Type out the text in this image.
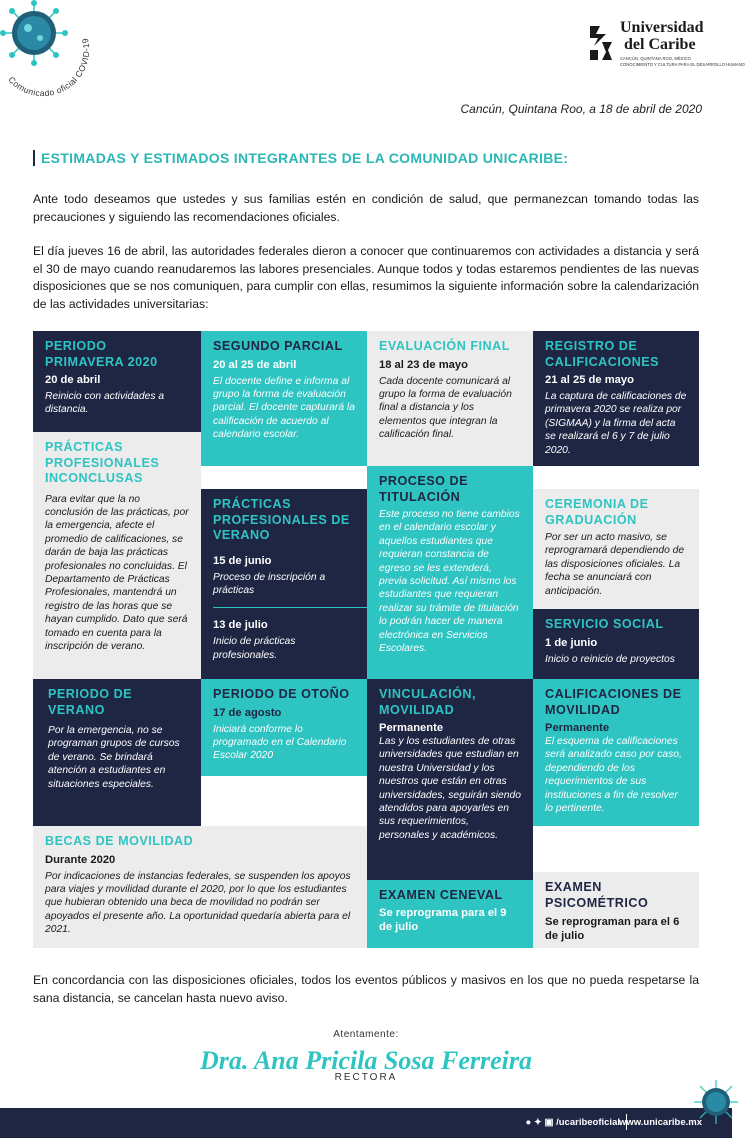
Comunicado oficial COVID-19
Universidad
del Caribe
CANCÚN, QUINTANA ROO, MÉXICO
CONOCIMIENTO Y CULTURA PARA EL DESARROLLO HUMANO
Cancún, Quintana Roo, a 18 de abril de 2020
ESTIMADAS Y ESTIMADOS INTEGRANTES DE LA COMUNIDAD UNICARIBE:
Ante todo deseamos que ustedes y sus familias estén en condición de salud, que permanezcan tomando todas las precauciones y siguiendo las recomendaciones oficiales.
El día jueves 16 de abril, las autoridades federales dieron a conocer que continuaremos con actividades a distancia y será el 30 de mayo cuando reanudaremos las labores presenciales. Aunque todos y todas estaremos pendientes de las nuevas disposiciones que se nos comuniquen, para cumplir con ellas, resumimos la siguiente información sobre la calendarización de las actividades universitarias:
PERIODO PRIMAVERA 2020
20 de abril
Reinicio con actividades a distancia.
SEGUNDO PARCIAL
20 al 25 de abril
El docente define e informa al grupo la forma de evaluación parcial. El docente capturará la calificación de acuerdo al calendario escolar.
EVALUACIÓN FINAL
18 al 23 de mayo
Cada docente comunicará al grupo la forma de evaluación final a distancia y los elementos que integran la calificación final.
REGISTRO DE CALIFICACIONES
21 al 25 de mayo
La captura de calificaciones de primavera 2020 se realiza por (SIGMAA) y la firma del acta se realizará el 6 y 7 de julio 2020.
PRÁCTICAS PROFESIONALES INCONCLUSAS
Para evitar que la no conclusión de las prácticas, por la emergencia, afecte el promedio de calificaciones, se darán de baja las prácticas profesionales no concluidas. El Departamento de Prácticas Profesionales, mantendrá un registro de las horas que se hayan cumplido. Dato que será tomado en cuenta para la inscripción de verano.
PRÁCTICAS PROFESIONALES DE VERANO
15 de junio
Proceso de inscripción a prácticas
13 de julio
Inicio de prácticas profesionales.
PROCESO DE TITULACIÓN
Este proceso no tiene cambios en el calendario escolar y aquellos estudiantes que requieran constancia de egreso se les extenderá, previa solicitud. Así mismo los estudiantes que requieran realizar su trámite de titulación lo podrán hacer de manera electrónica en Servicios Escolares.
CEREMONIA DE GRADUACIÓN
Por ser un acto masivo, se reprogramará dependiendo de las disposiciones oficiales. La fecha se anunciará con anticipación.
SERVICIO SOCIAL
1 de junio
Inicio o reinicio de proyectos
PERIODO DE VERANO
Por la emergencia, no se programan grupos de cursos de verano. Se brindará atención a estudiantes en situaciones especiales.
PERIODO DE OTOÑO
17 de agosto
Iniciará conforme lo programado en el Calendario Escolar 2020
VINCULACIÓN, MOVILIDAD
Permanente
Las y los estudiantes de otras universidades que estudian en nuestra Universidad y los nuestros que están en otras universidades, seguirán siendo atendidos para apoyarles en sus requerimientos, personales y académicos.
CALIFICACIONES DE MOVILIDAD
Permanente
El esquema de calificaciones será analizado caso por caso, dependiendo de los requerimientos de sus instituciones a fin de resolver lo pertinente.
BECAS DE MOVILIDAD
Durante 2020
Por indicaciones de instancias federales, se suspenden los apoyos para viajes y movilidad durante el 2020, por lo que los estudiantes que hubieran obtenido una beca de movilidad no podrán ser apoyados el presente año. La oportunidad quedaría abierta para el 2021.
EXAMEN CENEVAL
Se reprograma para el 9 de julio
EXAMEN PSICOMÉTRICO
Se reprograman para el 6 de julio
En concordancia con las disposiciones oficiales, todos los eventos públicos y masivos en los que no pueda respetarse la sana distancia, se cancelan hasta nuevo aviso.
Atentamente:
Dra. Ana Pricila Sosa Ferreira
RECTORA
● ✦ ▣ /ucaribeoficial
www.unicaribe.mx
